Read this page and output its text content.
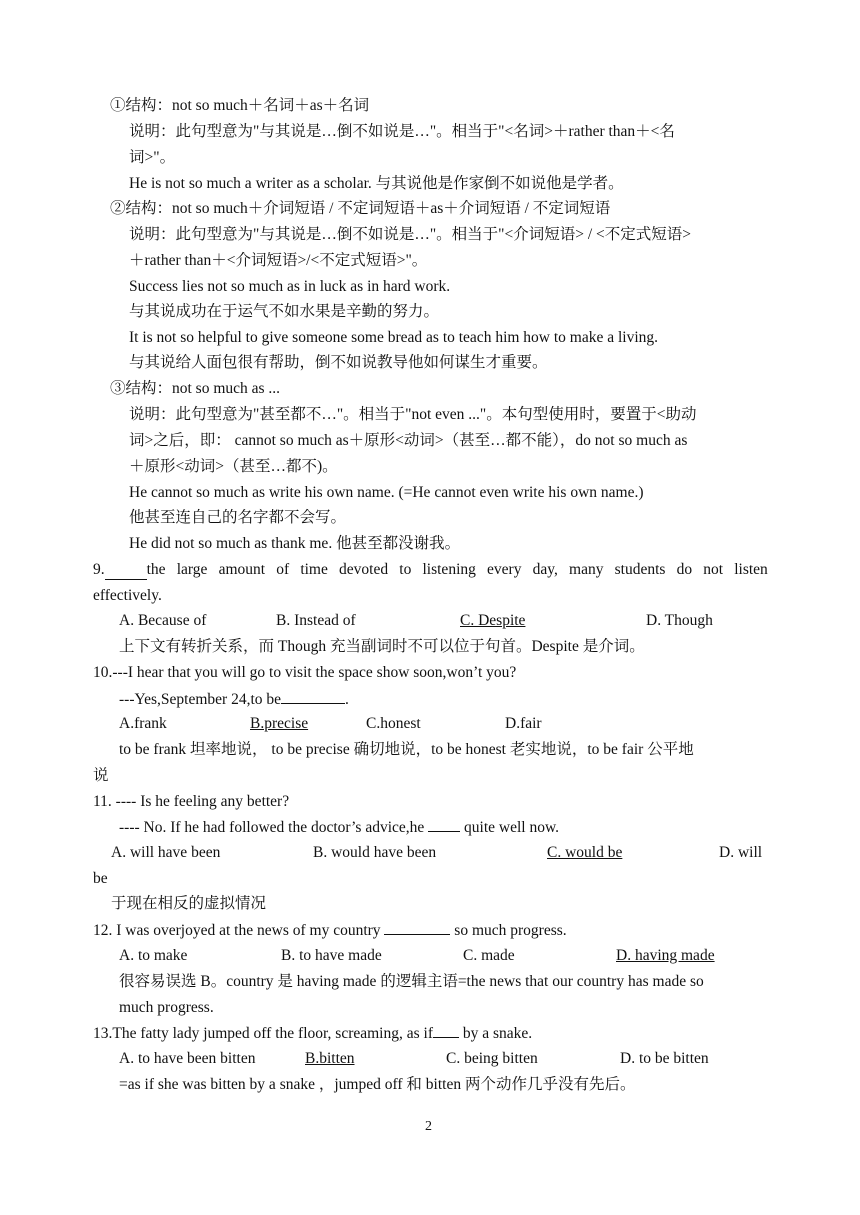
①结构：not so much＋名词＋as＋名词
说明：此句型意为"与其说是…倒不如说是…"。相当于"<名词>＋rather than＋<名
词>"。
He is not so much a writer as a scholar. 与其说他是作家倒不如说他是学者。
②结构：not so much＋介词短语 / 不定词短语＋as＋介词短语 / 不定词短语
说明：此句型意为"与其说是…倒不如说是…"。相当于"<介词短语> / <不定式短语>
＋rather than＋<介词短语>/<不定式短语>"。
Success lies not so much as in luck as in hard work.
与其说成功在于运气不如水果是辛勤的努力。
It is not so helpful to give someone some bread as to teach him how to make a living.
与其说给人面包很有帮助，倒不如说教导他如何谋生才重要。
③结构：not so much as ...
说明：此句型意为"甚至都不…"。相当于"not even ..."。本句型使用时，要置于<助动
词>之后，即： cannot so much as＋原形<动词>（甚至…都不能），do not so much as
＋原形<动词>（甚至…都不)。
He cannot so much as write his own name. (=He cannot even write his own name.)
他甚至连自己的名字都不会写。
He did not so much as thank me. 他甚至都没谢我。
9.	the large amount of time devoted to listening every day, many students do not listen
effectively.
A. Because of	B. Instead of	C. Despite	D. Though
上下文有转折关系，而 Though 充当副词时不可以位于句首。Despite 是介词。
10.---I hear that you will go to visit the space show soon,won’t you?
---Yes,September 24,to be	.
A.frank	B.precise	C.honest	D.fair
to be frank 坦率地说， to be precise 确切地说，to be honest 老实地说，to be fair 公平地
说
11. ---- Is he feeling any better?
---- No. If he had followed the doctor’s advice,he	quite well now.
A. will have been	B. would have been	C. would be	D. will
be
于现在相反的虚拟情况
12. I was overjoyed at the news of my country	so much progress.
A. to make	B. to have made	C. made	D. having made
很容易误选 B。country 是 having made 的逻辑主语=the news that our country has made so
much progress.
13.The fatty lady jumped off the floor, screaming, as if by a snake.
A. to have been bitten	B.bitten	C. being bitten	D. to be bitten
=as if she was bitten by a snake ，jumped off 和 bitten 两个动作几乎没有先后。
2
